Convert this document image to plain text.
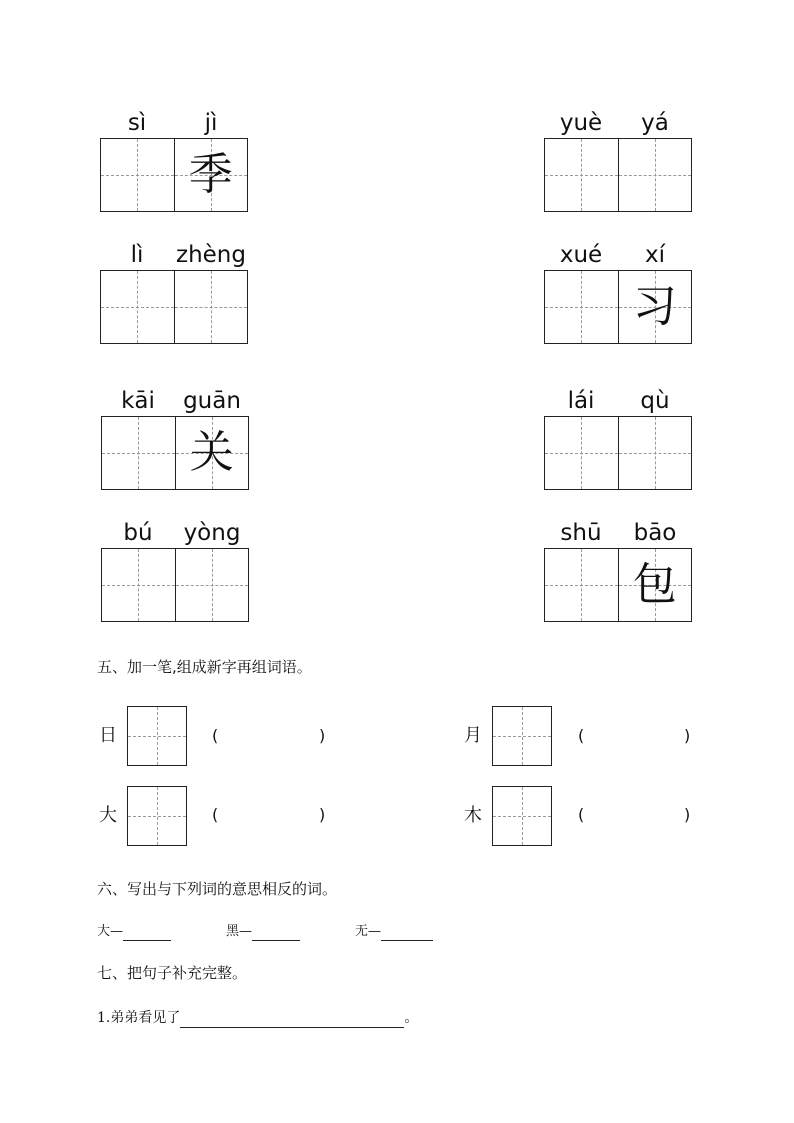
sì	jì
季
yuè	yá
lì	zhèng	xué	xí
习
kāi	guān
关
lái	qù
bú	yòng	shū	bāo
包
五、加一笔,组成新字再组词语。
日	(	)	月	(	)
大	(	)	木	(	)
六、写出与下列词的意思相反的词。
大—	黑—	无—
七、把句子补充完整。
1.弟弟看见了	。
